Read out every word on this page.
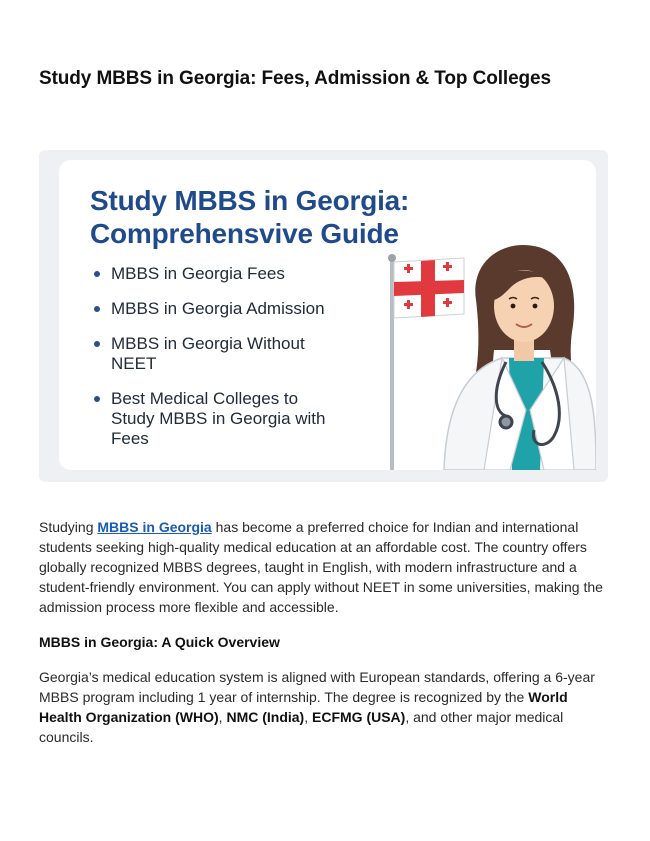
Study MBBS in Georgia: Fees, Admission & Top Colleges
Study MBBS in Georgia:
Comprehensvive Guide
MBBS in Georgia Fees
MBBS in Georgia Admission
MBBS in Georgia Without NEET
Best Medical Colleges to Study MBBS in Georgia with Fees

Studying MBBS in Georgia has become a preferred choice for Indian and international students seeking high-quality medical education at an affordable cost. The country offers globally recognized MBBS degrees, taught in English, with modern infrastructure and a student-friendly environment. You can apply without NEET in some universities, making the admission process more flexible and accessible.

MBBS in Georgia: A Quick Overview

Georgia’s medical education system is aligned with European standards, offering a 6-year MBBS program including 1 year of internship. The degree is recognized by the World Health Organization (WHO), NMC (India), ECFMG (USA), and other major medical councils.
